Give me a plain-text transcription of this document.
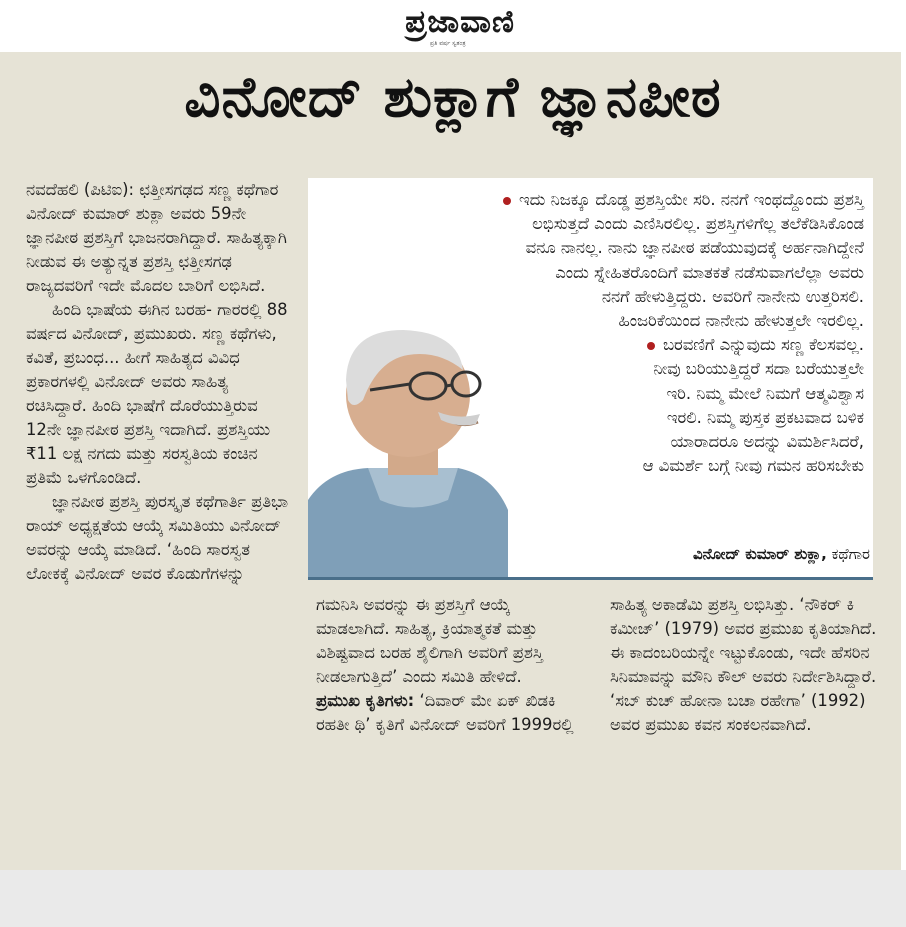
ಪ್ರಜಾವಾಣಿ
ಪ್ರತಿ ವರ್ಷ ಸ್ವತಂತ್ರ
ವಿನೋದ್ ಶುಕ್ಲಾಗೆ ಜ್ಞಾನಪೀಠ

ನವದೆಹಲಿ (ಪಿಟಿಐ): ಛತ್ತೀಸಗಢದ ಸಣ್ಣ ಕಥೆಗಾರ ವಿನೋದ್ ಕುಮಾರ್ ಶುಕ್ಲಾ ಅವರು 59ನೇ ಜ್ಞಾನಪೀಠ ಪ್ರಶಸ್ತಿಗೆ ಭಾಜನರಾಗಿದ್ದಾರೆ. ಸಾಹಿತ್ಯಕ್ಕಾಗಿ ನೀಡುವ ಈ ಅತ್ಯುನ್ನತ ಪ್ರಶಸ್ತಿ ಛತ್ತೀಸಗಢ ರಾಜ್ಯದವರಿಗೆ ಇದೇ ಮೊದಲ ಬಾರಿಗೆ ಲಭಿಸಿದೆ.

ಹಿಂದಿ ಭಾಷೆಯ ಈಗಿನ ಬರಹ- ಗಾರರಲ್ಲಿ 88 ವರ್ಷದ ವಿನೋದ್, ಪ್ರಮುಖರು. ಸಣ್ಣ ಕಥೆಗಳು, ಕವಿತೆ, ಪ್ರಬಂಧ... ಹೀಗೆ ಸಾಹಿತ್ಯದ ವಿವಿಧ ಪ್ರಕಾರಗಳಲ್ಲಿ ವಿನೋದ್ ಅವರು ಸಾಹಿತ್ಯ ರಚಿಸಿದ್ದಾರೆ. ಹಿಂದಿ ಭಾಷೆಗೆ ದೊರೆಯುತ್ತಿರುವ 12ನೇ ಜ್ಞಾನಪೀಠ ಪ್ರಶಸ್ತಿ ಇದಾಗಿದೆ. ಪ್ರಶಸ್ತಿಯು ₹11 ಲಕ್ಷ ನಗದು ಮತ್ತು ಸರಸ್ವತಿಯ ಕಂಚಿನ ಪ್ರತಿಮೆ ಒಳಗೊಂಡಿದೆ.

ಜ್ಞಾನಪೀಠ ಪ್ರಶಸ್ತಿ ಪುರಸ್ಕೃತ ಕಥೆಗಾರ್ತಿ ಪ್ರತಿಭಾ ರಾಯ್ ಅಧ್ಯಕ್ಷತೆಯ ಆಯ್ಕೆ ಸಮಿತಿಯು ವಿನೋದ್ ಅವರನ್ನು ಆಯ್ಕೆ ಮಾಡಿದೆ. ‘ಹಿಂದಿ ಸಾರಸ್ವತ ಲೋಕಕ್ಕೆ ವಿನೋದ್ ಅವರ ಕೊಡುಗೆಗಳನ್ನು

ಇದು ನಿಜಕ್ಕೂ ದೊಡ್ಡ ಪ್ರಶಸ್ತಿಯೇ ಸರಿ. ನನಗೆ ಇಂಥದ್ದೊಂದು ಪ್ರಶಸ್ತಿ

ಲಭಿಸುತ್ತದೆ ಎಂದು ಎಣಿಸಿರಲಿಲ್ಲ. ಪ್ರಶಸ್ತಿಗಳಿಗೆಲ್ಲ ತಲೆಕೆಡಿಸಿಕೊಂಡ

ವನೂ ನಾನಲ್ಲ. ನಾನು ಜ್ಞಾನಪೀಠ ಪಡೆಯುವುದಕ್ಕೆ ಅರ್ಹನಾಗಿದ್ದೇನೆ

ಎಂದು ಸ್ನೇಹಿತರೊಂದಿಗೆ ಮಾತಕತೆ ನಡೆಸುವಾಗಲೆಲ್ಲಾ ಅವರು

ನನಗೆ ಹೇಳುತ್ತಿದ್ದರು. ಅವರಿಗೆ ನಾನೇನು ಉತ್ತರಿಸಲಿ.

ಹಿಂಜರಿಕೆಯಿಂದ ನಾನೇನು ಹೇಳುತ್ತಲೇ ಇರಲಿಲ್ಲ.

ಬರವಣಿಗೆ ಎನ್ನುವುದು ಸಣ್ಣ ಕೆಲಸವಲ್ಲ.

ನೀವು ಬರಿಯುತ್ತಿದ್ದರೆ ಸದಾ ಬರೆಯುತ್ತಲೇ

ಇರಿ. ನಿಮ್ಮ ಮೇಲೆ ನಿಮಗೆ ಆತ್ಮವಿಶ್ವಾಸ

ಇರಲಿ. ನಿಮ್ಮ ಪುಸ್ತಕ ಪ್ರಕಟವಾದ ಬಳಿಕ

ಯಾರಾದರೂ ಅದನ್ನು ವಿಮರ್ಶಿಸಿದರೆ,

ಆ ವಿಮರ್ಶೆ ಬಗ್ಗೆ ನೀವು ಗಮನ ಹರಿಸಬೇಕು

ವಿನೋದ್ ಕುಮಾರ್ ಶುಕ್ಲಾ, ಕಥೆಗಾರ

ಗಮನಿಸಿ ಅವರನ್ನು ಈ ಪ್ರಶಸ್ತಿಗೆ ಆಯ್ಕೆ ಮಾಡಲಾಗಿದೆ. ಸಾಹಿತ್ಯ, ಕ್ರಿಯಾತ್ಮಕತೆ ಮತ್ತು ವಿಶಿಷ್ಟವಾದ ಬರಹ ಶೈಲಿಗಾಗಿ ಅವರಿಗೆ ಪ್ರಶಸ್ತಿ ನೀಡಲಾಗುತ್ತಿದೆ’ ಎಂದು ಸಮಿತಿ ಹೇಳಿದೆ.

ಪ್ರಮುಖ ಕೃತಿಗಳು: ‘ದಿವಾರ್ ಮೇ ಏಕ್ ಖಿಡಕಿ ರಹತೀ ಥಿ’ ಕೃತಿಗೆ ವಿನೋದ್ ಅವರಿಗೆ 1999ರಲ್ಲಿ

ಸಾಹಿತ್ಯ ಅಕಾಡೆಮಿ ಪ್ರಶಸ್ತಿ ಲಭಿಸಿತ್ತು. ‘ನೌಕರ್ ಕಿ ಕಮೀಜ್’ (1979) ಅವರ ಪ್ರಮುಖ ಕೃತಿಯಾಗಿದೆ. ಈ ಕಾದಂಬರಿಯನ್ನೇ ಇಟ್ಟುಕೊಂಡು, ಇದೇ ಹೆಸರಿನ ಸಿನಿಮಾವನ್ನು ಮೌನಿ ಕೌಲ್ ಅವರು ನಿರ್ದೇಶಿಸಿದ್ದಾರೆ. ‘ಸಬ್ ಕುಚ್ ಹೋನಾ ಬಚಾ ರಹೇಗಾ’ (1992) ಅವರ ಪ್ರಮುಖ ಕವನ ಸಂಕಲನವಾಗಿದೆ.
